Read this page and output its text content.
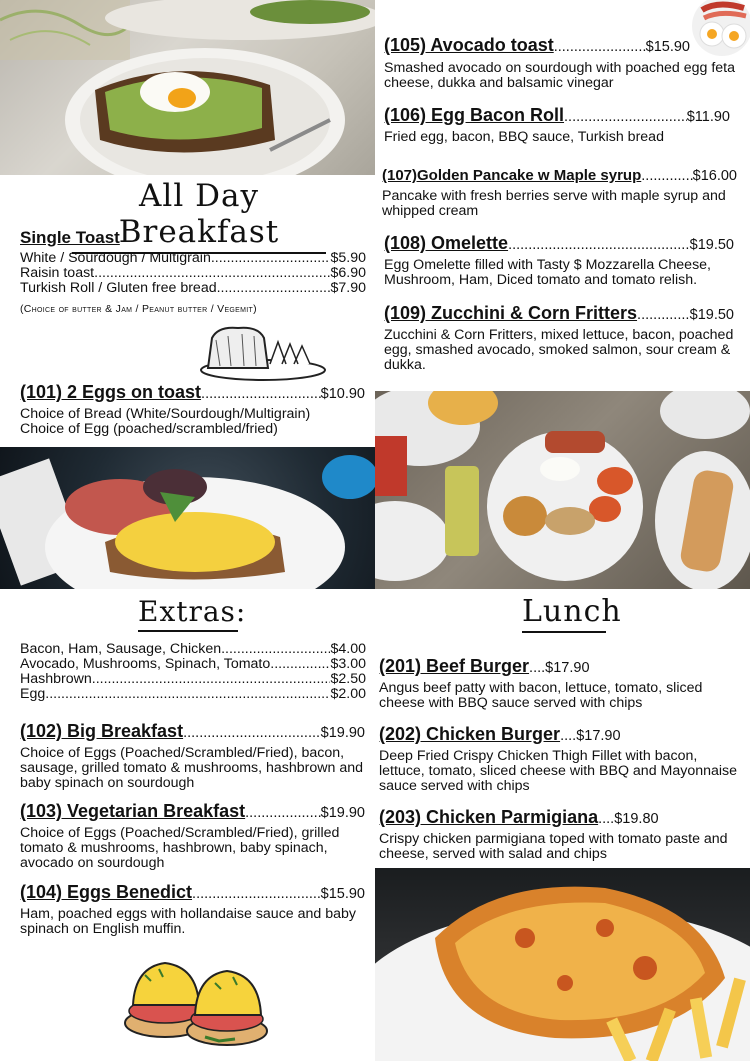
All Day Breakfast
Single Toast
White / Sourdough / Multigrain .....	$5.90
Raisin toast .....	$6.90
Turkish Roll / Gluten free bread .....	$7.90
(Choice of butter & Jam / Peanut butter / Vegemit)
(101) 2 Eggs on toast .....	$10.90
Choice of Bread (White/Sourdough/Multigrain)
Choice of Egg (poached/scrambled/fried)
Extras:
Bacon, Ham, Sausage, Chicken .....	$4.00
Avocado, Mushrooms, Spinach, Tomato .....	$3.00
Hashbrown .....	$2.50
Egg .....	$2.00
(102) Big Breakfast .....	$19.90
Choice of Eggs (Poached/Scrambled/Fried), bacon, sausage, grilled tomato & mushrooms, hashbrown and baby spinach on sourdough
(103) Vegetarian Breakfast .....	$19.90
Choice of Eggs (Poached/Scrambled/Fried), grilled tomato & mushrooms, hashbrown, baby spinach, avocado on sourdough
(104) Eggs Benedict .....	$15.90
Ham, poached eggs with hollandaise sauce and baby spinach on English muffin.
(105) Avocado toast .....	$15.90
Smashed avocado on sourdough with poached egg feta cheese, dukka and balsamic vinegar
(106) Egg Bacon Roll .....	$11.90
Fried egg, bacon, BBQ sauce, Turkish bread
(107)Golden Pancake w Maple syrup .....	$16.00
Pancake with fresh berries serve with maple syrup and whipped cream
(108) Omelette .....	$19.50
Egg Omelette filled with Tasty $ Mozzarella Cheese, Mushroom, Ham, Diced tomato and tomato relish.
(109) Zucchini & Corn Fritters .....	$19.50
Zucchini & Corn Fritters, mixed lettuce, bacon, poached egg, smashed avocado, smoked salmon, sour cream & dukka.
Lunch
(201) Beef Burger....$17.90
Angus beef patty with bacon, lettuce, tomato, sliced cheese with BBQ sauce served with chips
(202) Chicken Burger....$17.90
Deep Fried Crispy Chicken Thigh Fillet with bacon, lettuce, tomato, sliced cheese with BBQ and Mayonnaise sauce served with chips
(203) Chicken Parmigiana....$19.80
Crispy chicken parmigiana toped with tomato paste and cheese, served with salad and chips
